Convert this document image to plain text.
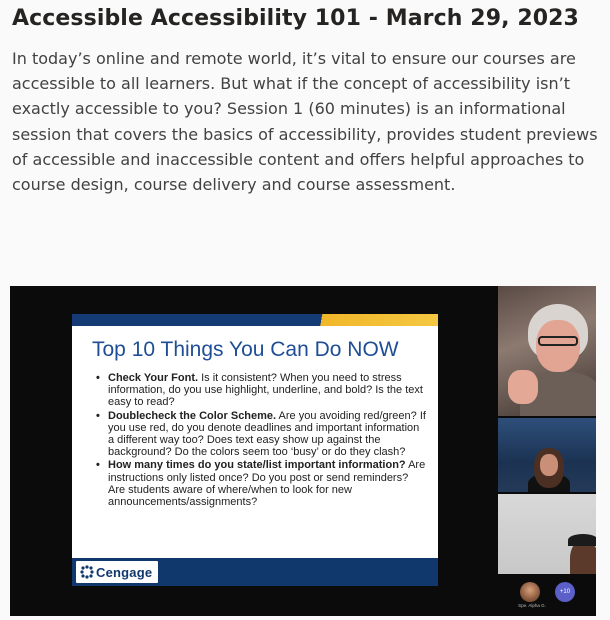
Accessible Accessibility 101 - March 29, 2023

In today’s online and remote world, it’s vital to ensure our courses are accessible to all learners. But what if the concept of accessibility isn’t exactly accessible to you? Session 1 (60 minutes) is an informational session that covers the basics of accessibility, provides student previews of accessible and inaccessible content and offers helpful approaches to course design, course delivery and course assessment.

Top 10 Things You Can Do NOW
• Check Your Font. Is it consistent? When you need to stress information, do you use highlight, underline, and bold? Is the text easy to read?
• Doublecheck the Color Scheme. Are you avoiding red/green? If you use red, do you denote deadlines and important information a different way too? Does text easy show up against the background? Do the colors seem too ‘busy’ or do they clash?
• How many times do you state/list important information? Are instructions only listed once? Do you post or send reminders? Are students aware of where/when to look for new announcements/assignments?
Cengage
Spe. Alpha G.
+10
